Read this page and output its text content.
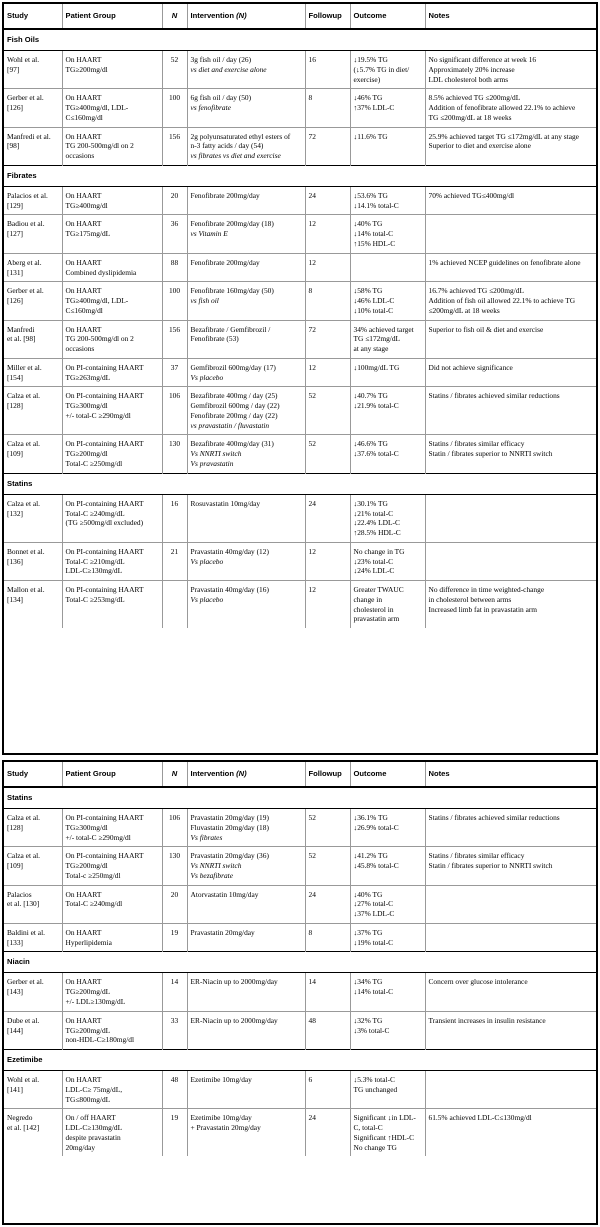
Study	Patient Group	N	Intervention (N)	Followup	Outcome	Notes
Fish Oils						

Wohl et al.
[97]	On HAART
TG≥200mg/dl	52	3g fish oil / day (26)
vs diet and exercise alone	16	↓19.5% TG
(↓5.7% TG in diet/
exercise)	No significant difference at week 16
Approximately 20% increase
LDL cholesterol both arms

Gerber et al.
[126]	On HAART
TG≥400mg/dl, LDL-
C≤160mg/dl	100	6g fish oil / day (50)
vs fenofibrate	8	↓46% TG
↑37% LDL-C	8.5% achieved TG ≤200mg/dL
Addition of fenofibrate allowed 22.1% to achieve
TG ≤200mg/dL at 18 weeks

Manfredi et al.
[98]	On HAART
TG 200-500mg/dl on 2
occasions	156	2g polyunsaturated ethyl esters of
n-3 fatty acids / day (54)
vs fibrates vs diet and exercise	72	↓11.6% TG	25.9% achieved target TG ≤172mg/dL at any stage
Superior to diet and exercise alone

Fibrates						

Palacios et al.
[129]	On HAART
TG≥400mg/dl	20	Fenofibrate 200mg/day	24	↓53.6% TG
↓14.1% total-C	70% achieved TG≤400mg/dl

Badiou et al.
[127]	On HAART
TG≥175mg/dL	36	Fenofibrate 200mg/day (18)
vs Vitamin E	12	↓40% TG
↓14% total-C
↑15% HDL-C	

Aberg et al.
[131]	On HAART
Combined dyslipidemia	88	Fenofibrate 200mg/day	12		1% achieved NCEP guidelines on fenofibrate alone

Gerber et al.
[126]	On HAART
TG≥400mg/dl, LDL-
C≤160mg/dl	100	Fenofibrate 160mg/day (50)
vs fish oil	8	↓58% TG
↓46% LDL-C
↓10% total-C	16.7% achieved TG ≤200mg/dL
Addition of fish oil allowed 22.1% to achieve TG
≤200mg/dL at 18 weeks

Manfredi
et al. [98]	On HAART
TG 200-500mg/dl on 2
occasions	156	Bezafibrate / Gemfibrozil /
Fenofibrate (53)	72	34% achieved target
TG ≤172mg/dL
at any stage	Superior to fish oil & diet and exercise

Miller et al.
[154]	On PI-containing HAART
TG≥263mg/dL	37	Gemfibrozil 600mg/day (17)
Vs placebo	12	↓100mg/dL TG	Did not achieve significance

Calza et al.
[128]	On PI-containing HAART
TG≥300mg/dl
+/- total-C ≥290mg/dl	106	Bezafibrate 400mg / day (25)
Gemfibrozil 600mg / day (22)
Fenofibrate 200mg / day (22)
vs pravastatin / fluvastatin	52	↓40.7% TG
↓21.9% total-C	Statins / fibrates achieved similar reductions

Calza et al.
[109]	On PI-containing HAART
TG≥200mg/dl
Total-C ≥250mg/dl	130	Bezafibrate 400mg/day (31)
Vs NNRTI switch
Vs pravastatin	52	↓46.6% TG
↓37.6% total-C	Statins / fibrates similar efficacy
Statin / fibrates superior to NNRTI switch

Statins						

Calza et al.
[132]	On PI-containing HAART
Total-C ≥240mg/dL
(TG ≥500mg/dl excluded)	16	Rosuvastatin 10mg/day	24	↓30.1% TG
↓21% total-C
↓22.4% LDL-C
↑28.5% HDL-C	

Bonnet et al.
[136]	On PI-containing HAART
Total-C ≥210mg/dL
LDL-C≥130mg/dL	21	Pravastatin 40mg/day (12)
Vs placebo	12	No change in TG
↓23% total-C
↓24% LDL-C	

Mallon et al.
[134]	On PI-containing HAART
Total-C ≥253mg/dL		Pravastatin 40mg/day (16)
Vs placebo	12	Greater TWAUC
change in
cholesterol in
pravastatin arm	No difference in time weighted-change
in cholesterol between arms
Increased limb fat in pravastatin arm
Study	Patient Group	N	Intervention (N)	Followup	Outcome	Notes
Statins						

Calza et al.
[128]	On PI-containing HAART
TG≥300mg/dl
+/- total-C ≥290mg/dl	106	Pravastatin 20mg/day (19)
Fluvastatin 20mg/day (18)
Vs fibrates	52	↓36.1% TG
↓26.9% total-C	Statins / fibrates achieved similar reductions

Calza et al.
[109]	On PI-containing HAART
TG≥200mg/dl
Total-c ≥250mg/dl	130	Pravastatin 20mg/day (36)
Vs NNRTI switch
Vs bezafibrate	52	↓41.2% TG
↓45.8% total-C	Statins / fibrates similar efficacy
Statin / fibrates superior to NNRTI switch

Palacios
et al. [130]	On HAART
Total-C ≥240mg/dl	20	Atorvastatin 10mg/day	24	↓40% TG
↓27% total-C
↓37% LDL-C	

Baldini et al.
[133]	On HAART
Hyperlipidemia	19	Pravastatin 20mg/day	8	↓37% TG
↓19% total-C	

Niacin						

Gerber et al.
[143]	On HAART
TG≥200mg/dL
+/- LDL≥130mg/dL	14	ER-Niacin up to 2000mg/day	14	↓34% TG
↓14% total-C	Concern over glucose intolerance

Dube et al.
[144]	On HAART
TG≥200mg/dL
non-HDL-C≥180mg/dl	33	ER-Niacin up to 2000mg/day	48	↓32% TG
↓3% total-C	Transient increases in insulin resistance

Ezetimibe						

Wohl et al.
[141]	On HAART
LDL-C≥ 75mg/dL,
TG≤800mg/dL	48	Ezetimibe 10mg/day	6	↓5.3% total-C
TG unchanged	

Negredo
et al. [142]	On / off HAART
LDL-C≥130mg/dL
despite pravastatin
20mg/day	19	Ezetimibe 10mg/day
+ Pravastatin 20mg/day	24	Significant ↓in LDL-
C, total-C
Significant ↑HDL-C
No change TG	61.5% achieved LDL-C≤130mg/dl
